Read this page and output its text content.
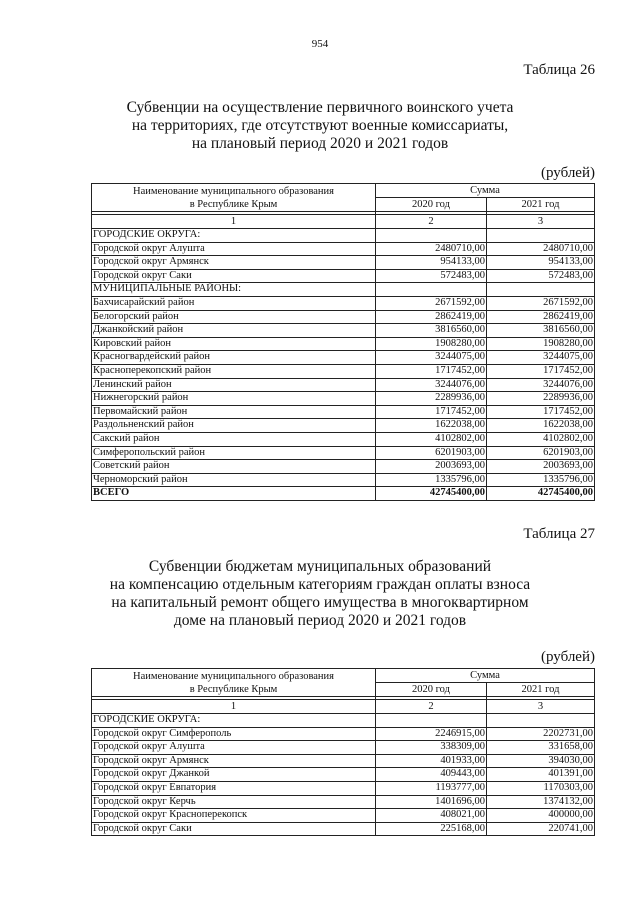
954
Таблица 26
Субвенции на осуществление первичного воинского учета
на территориях, где отсутствуют военные комиссариаты,
на плановый период 2020 и 2021 годов
(рублей)
Наименование муниципального образования
в Республике Крым	Сумма	
	2020 год	2021 год

1	2	3
ГОРОДСКИЕ ОКРУГА:		
Городской округ Алушта	2480710,00	2480710,00
Городской округ Армянск	954133,00	954133,00
Городской округ Саки	572483,00	572483,00
МУНИЦИПАЛЬНЫЕ РАЙОНЫ:		
Бахчисарайский район	2671592,00	2671592,00
Белогорский район	2862419,00	2862419,00
Джанкойский район	3816560,00	3816560,00
Кировский район	1908280,00	1908280,00
Красногвардейский район	3244075,00	3244075,00
Красноперекопский район	1717452,00	1717452,00
Ленинский район	3244076,00	3244076,00
Нижнегорский район	2289936,00	2289936,00
Первомайский район	1717452,00	1717452,00
Раздольненский район	1622038,00	1622038,00
Сакский район	4102802,00	4102802,00
Симферопольский район	6201903,00	6201903,00
Советский район	2003693,00	2003693,00
Черноморский район	1335796,00	1335796,00
ВСЕГО	42745400,00	42745400,00
Таблица 27
Субвенции бюджетам муниципальных образований
на компенсацию отдельным категориям граждан оплаты взноса
на капитальный ремонт общего имущества в многоквартирном
доме на плановый период 2020 и 2021 годов
(рублей)
Наименование муниципального образования
в Республике Крым	Сумма	
	2020 год	2021 год

1	2	3
ГОРОДСКИЕ ОКРУГА:		
Городской округ Симферополь	2246915,00	2202731,00
Городской округ Алушта	338309,00	331658,00
Городской округ Армянск	401933,00	394030,00
Городской округ Джанкой	409443,00	401391,00
Городской округ Евпатория	1193777,00	1170303,00
Городской округ Керчь	1401696,00	1374132,00
Городской округ Красноперекопск	408021,00	400000,00
Городской округ Саки	225168,00	220741,00
